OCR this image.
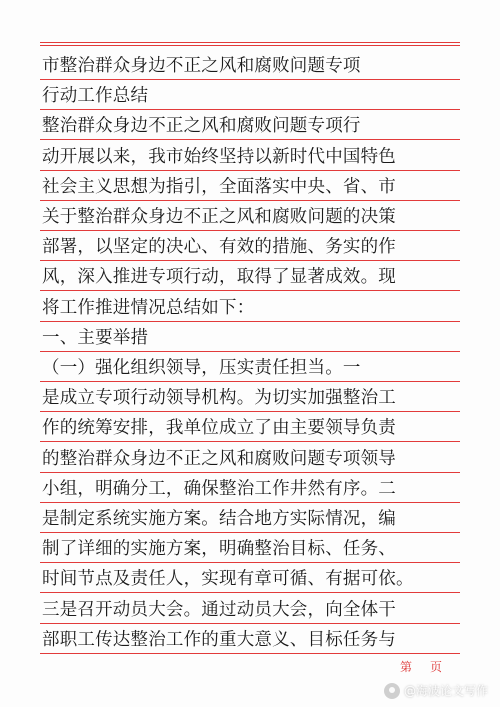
市整治群众身边不正之风和腐败问题专项
行动工作总结
整治群众身边不正之风和腐败问题专项行
动开展以来，我市始终坚持以新时代中国特色
社会主义思想为指引，全面落实中央、省、市
关于整治群众身边不正之风和腐败问题的决策
部署，以坚定的决心、有效的措施、务实的作
风，深入推进专项行动，取得了显著成效。现
将工作推进情况总结如下：
一、主要举措
（一）强化组织领导，压实责任担当。一
是成立专项行动领导机构。为切实加强整治工
作的统筹安排，我单位成立了由主要领导负责
的整治群众身边不正之风和腐败问题专项领导
小组，明确分工，确保整治工作井然有序。二
是制定系统实施方案。结合地方实际情况，编
制了详细的实施方案，明确整治目标、任务、
时间节点及责任人，实现有章可循、有据可依。
三是召开动员大会。通过动员大会，向全体干
部职工传达整治工作的重大意义、目标任务与
第页
@海波论文写作
